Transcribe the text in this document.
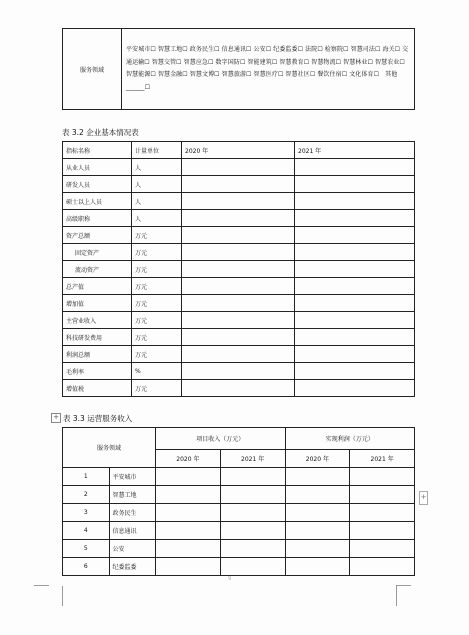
服务领域	平安城市☐ 智慧工地☐ 政务民生☐ 信息通讯☐ 公安☐ 纪委监委☐ 法院☐ 检察院☐ 智慧司法☐ 海关☐ 交通运输☐ 智慧交管☐ 智慧应急☐ 数字国防☐ 智能建筑☐ 智慧教育☐ 智慧物流☐ 智慧林业☐ 智慧农业☐ 智慧能源☐ 智慧金融☐ 智慧文博☐ 智慧旅游☐ 智慧医疗☐ 智慧社区☐ 餐饮住宿☐ 文化体育☐　其他______☐
表 3.2 企业基本情况表
指标名称	计量单位	2020 年	2021 年
从业人员	人		
研发人员	人		
硕士以上人员	人		
高级职称	人		
资产总额	万元		
固定资产	万元		
流动资产	万元		
总产值	万元		
增加值	万元		
主营业收入	万元		
科技研发费用	万元		
利润总额	万元		
毛利率	%		
增值税	万元		
+ 表 3.3 运营服务收入
服务领域		项目收入（万元）		实现利润（万元）	
		2020 年	2021 年	2020 年	2021 年
1	平安城市				
2	智慧工地				
3	政务民生				
4	信息通讯				
5	公安				
6	纪委监委				
+
9
